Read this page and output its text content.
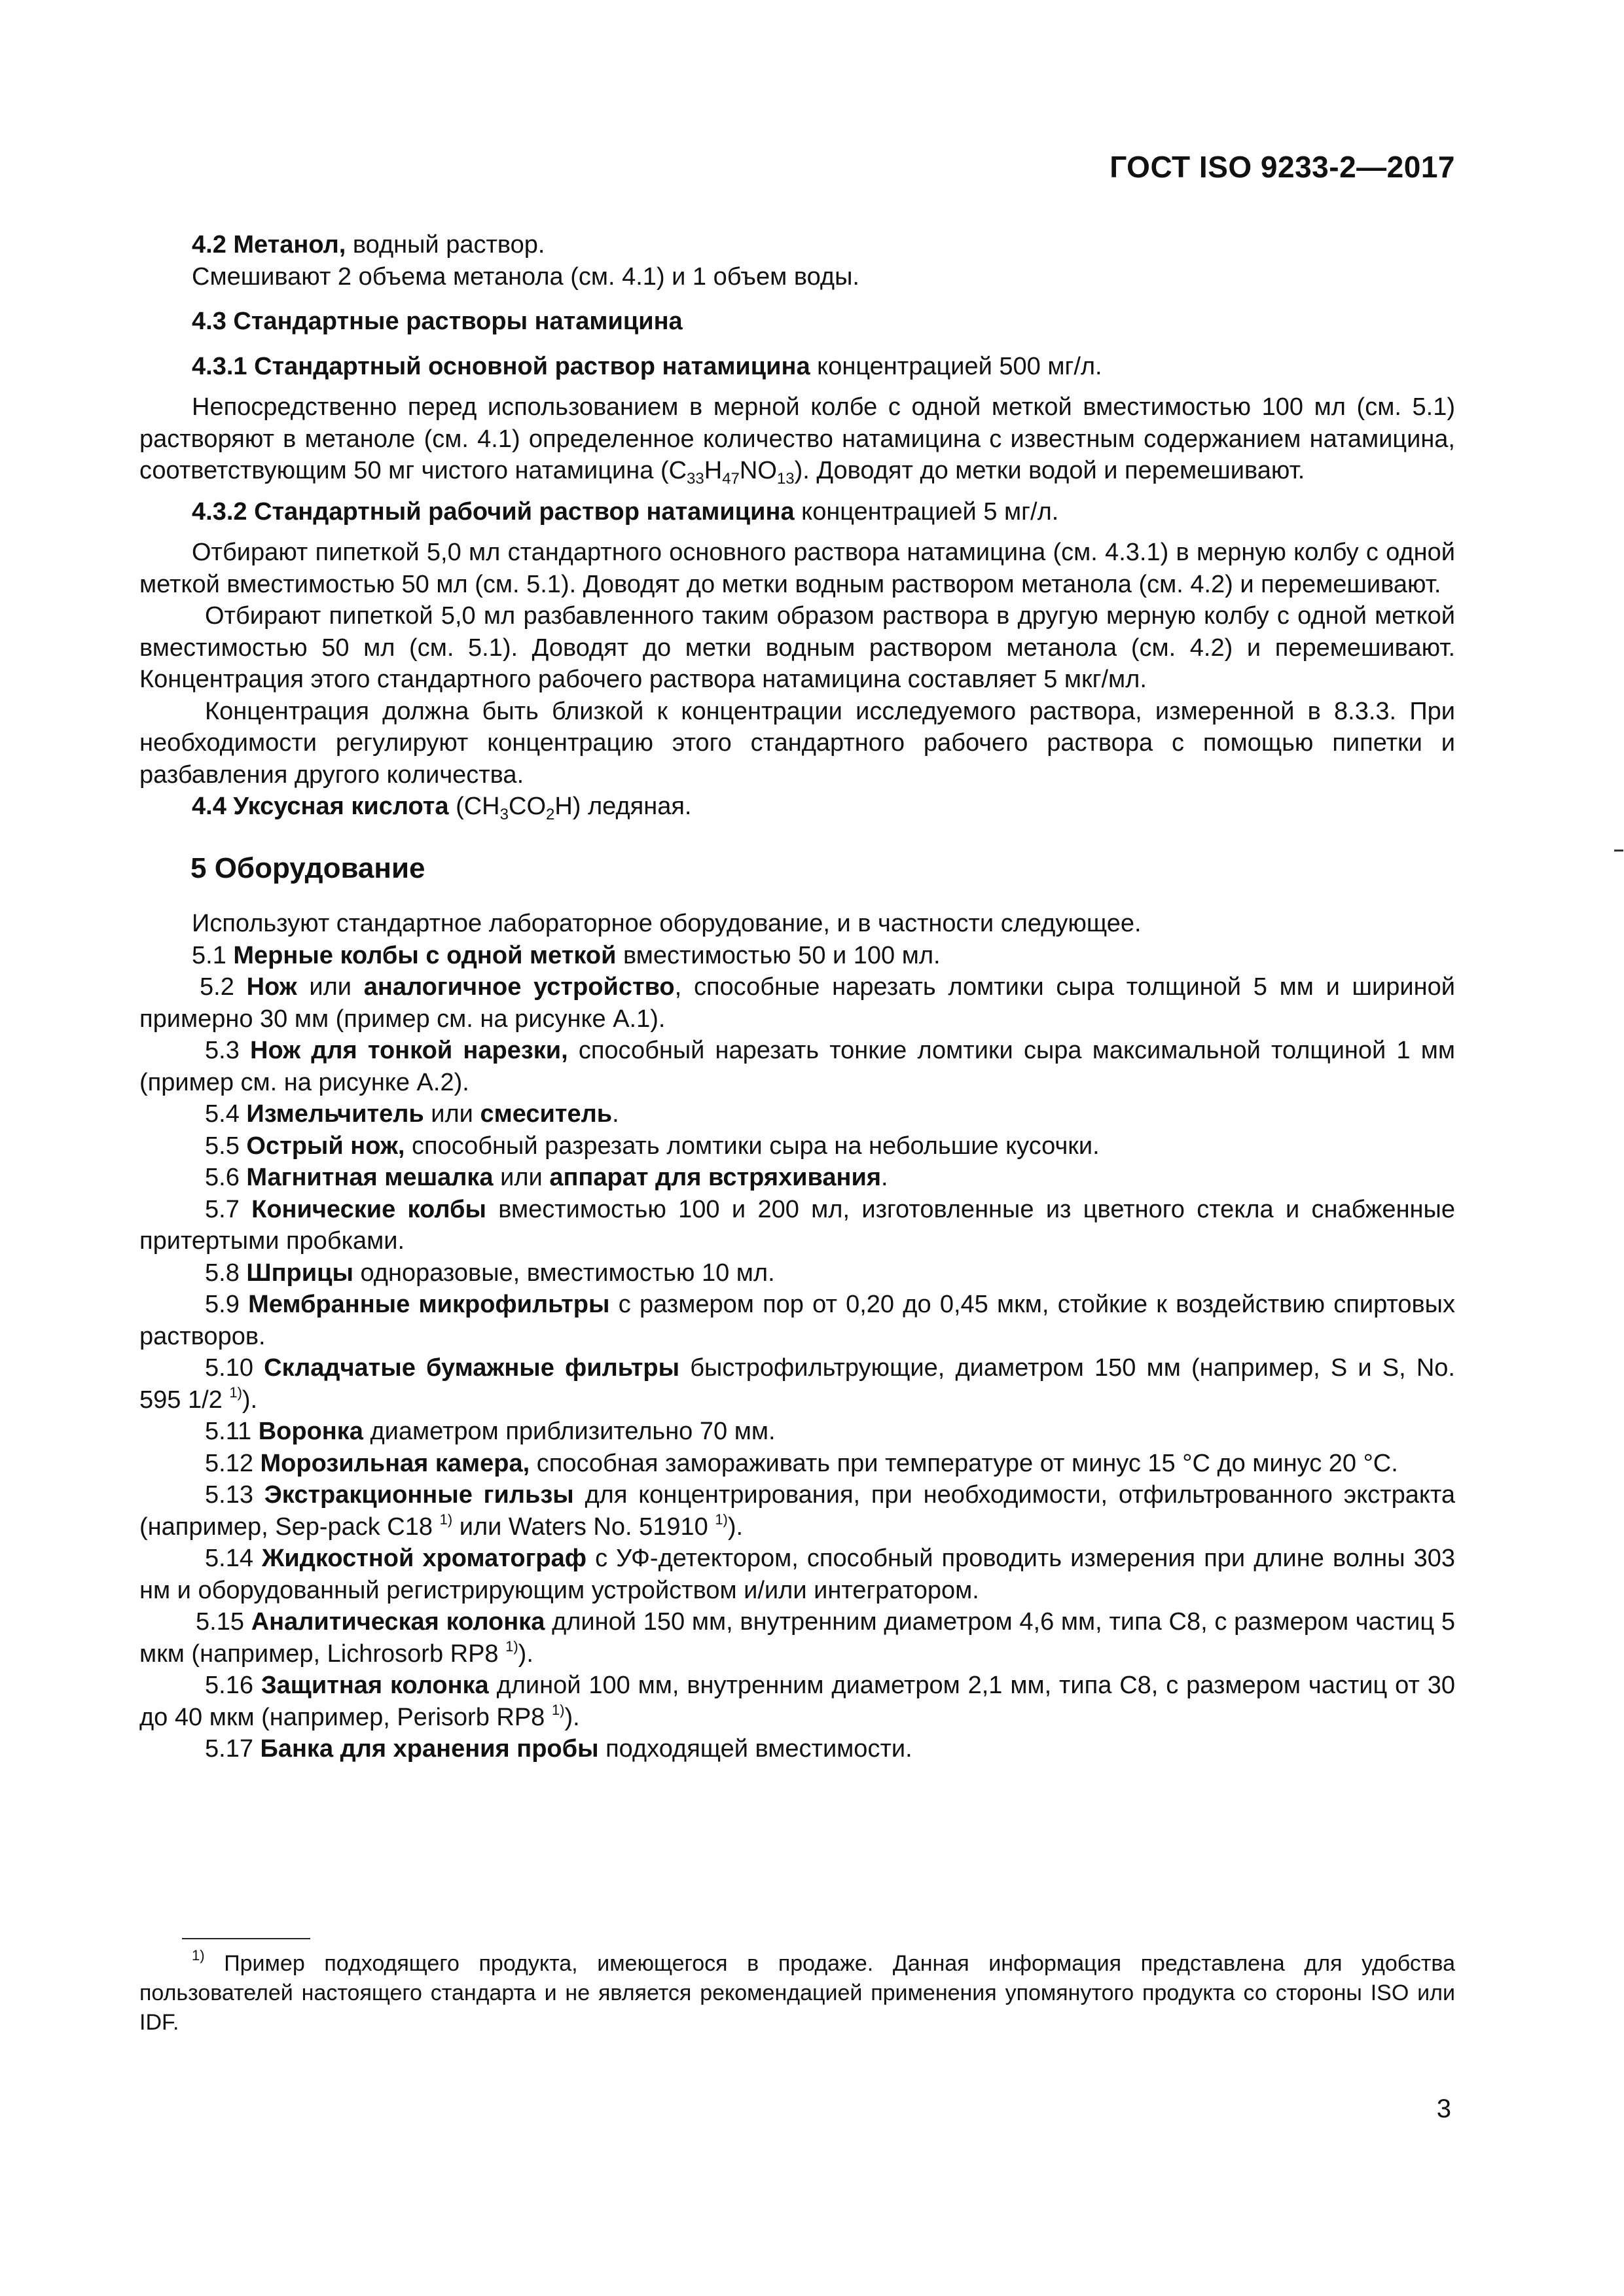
ГОСТ ISO 9233-2—2017

4.2 Метанол, водный раствор.

Смешивают 2 объема метанола (см. 4.1) и 1 объем воды.

4.3 Стандартные растворы натамицина

4.3.1 Стандартный основной раствор натамицина концентрацией 500 мг/л.

Непосредственно перед использованием в мерной колбе с одной меткой вместимостью 100 мл (см. 5.1) растворяют в метаноле (см. 4.1) определенное количество натамицина с известным содержанием натамицина, соответствующим 50 мг чистого натамицина $(C_{33}H_{47}NO_{13})$. Доводят до метки водой и перемешивают.

4.3.2 Стандартный рабочий раствор натамицина концентрацией 5 мг/л.

Отбирают пипеткой 5,0 мл стандартного основного раствора натамицина (см. 4.3.1) в мерную колбу с одной меткой вместимостью 50 мл (см. 5.1). Доводят до метки водным раствором метанола (см. 4.2) и перемешивают.

Отбирают пипеткой 5,0 мл разбавленного таким образом раствора в другую мерную колбу с одной меткой вместимостью 50 мл (см. 5.1). Доводят до метки водным раствором метанола (см. 4.2) и перемешивают. Концентрация этого стандартного рабочего раствора натамицина составляет 5 мкг/мл.

Концентрация должна быть близкой к концентрации исследуемого раствора, измеренной в 8.3.3. При необходимости регулируют концентрацию этого стандартного рабочего раствора с помощью пипетки и разбавления другого количества.

4.4 Уксусная кислота $(CH_3CO_2H)$ ледяная.

5 Оборудование

Используют стандартное лабораторное оборудование, и в частности следующее.

5.1 Мерные колбы с одной меткой вместимостью 50 и 100 мл.

5.2 Нож или аналогичное устройство, способные нарезать ломтики сыра толщиной 5 мм и шириной примерно 30 мм (пример см. на рисунке А.1).

5.3 Нож для тонкой нарезки, способный нарезать тонкие ломтики сыра максимальной толщиной 1 мм (пример см. на рисунке А.2).

5.4 Измельчитель или смеситель.

5.5 Острый нож, способный разрезать ломтики сыра на небольшие кусочки.

5.6 Магнитная мешалка или аппарат для встряхивания.

5.7 Конические колбы вместимостью 100 и 200 мл, изготовленные из цветного стекла и снабженные притертыми пробками.

5.8 Шприцы одноразовые, вместимостью 10 мл.

5.9 Мембранные микрофильтры с размером пор от 0,20 до 0,45 мкм, стойкие к воздействию спиртовых растворов.

5.10 Складчатые бумажные фильтры быстрофильтрующие, диаметром 150 мм (например, S и S, No. 595 1/2 $^{1)}$).

5.11 Воронка диаметром приблизительно 70 мм.

5.12 Морозильная камера, способная замораживать при температуре от минус 15 °С до минус 20 °С.

5.13 Экстракционные гильзы для концентрирования, при необходимости, отфильтрованного экстракта (например, Sep-pack C18 $^{1)}$ или Waters No. 51910 $^{1)}$).

5.14 Жидкостной хроматограф с УФ-детектором, способный проводить измерения при длине волны 303 нм и оборудованный регистрирующим устройством и/или интегратором.

5.15 Аналитическая колонка длиной 150 мм, внутренним диаметром 4,6 мм, типа C8, с размером частиц 5 мкм (например, Lichrosorb RP8 $^{1)}$).

5.16 Защитная колонка длиной 100 мм, внутренним диаметром 2,1 мм, типа C8, с размером частиц от 30 до 40 мкм (например, Perisorb RP8 $^{1)}$).

5.17 Банка для хранения пробы подходящей вместимости.

$^{1)}$ Пример подходящего продукта, имеющегося в продаже. Данная информация представлена для удобства пользователей настоящего стандарта и не является рекомендацией применения упомянутого продукта со стороны ISO или IDF.

3
